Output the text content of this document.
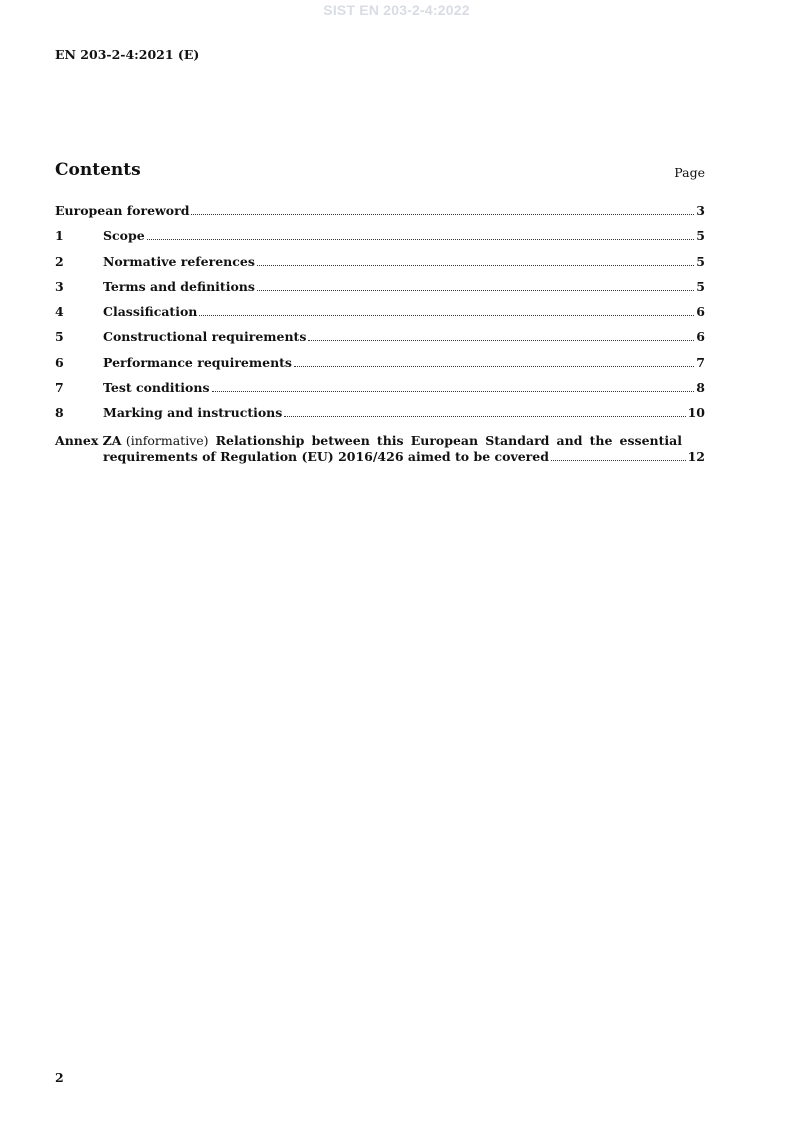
SIST EN 203-2-4:2022
EN 203-2-4:2021 (E)
Contents	Page
European foreword	3
1	Scope	5
2	Normative references	5
3	Terms and definitions	5
4	Classification	6
5	Constructional requirements	6
6	Performance requirements	7
7	Test conditions	8
8	Marking and instructions	10
Annex ZA (informative) Relationship between this European Standard and the essential
requirements of Regulation (EU) 2016/426 aimed to be covered	12
2
